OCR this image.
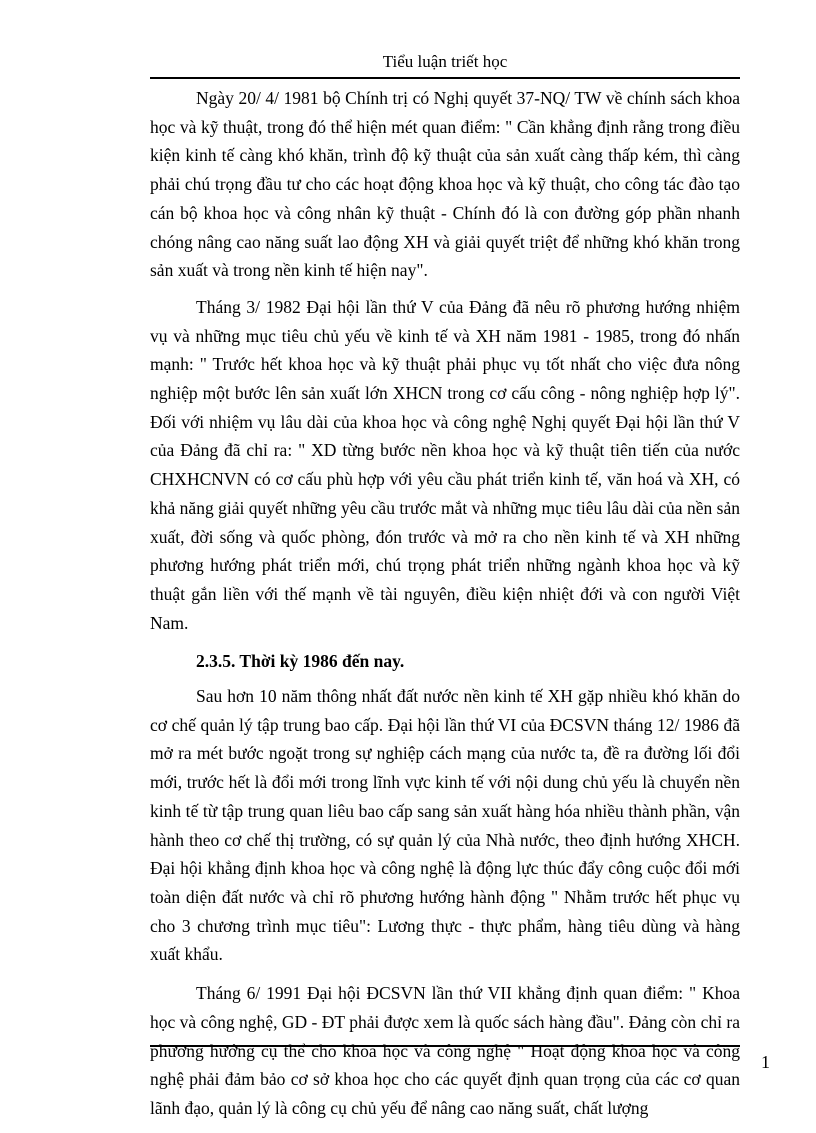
Tiểu luận triết học

Ngày 20/ 4/ 1981 bộ Chính trị có Nghị quyết 37-NQ/ TW về chính sách khoa học và kỹ thuật, trong đó thể hiện mét quan điểm: " Cần khẳng định rằng trong điều kiện kinh tế càng khó khăn, trình độ kỹ thuật của sản xuất càng thấp kém, thì càng phải chú trọng đầu tư cho các hoạt động khoa học và kỹ thuật, cho công tác đào tạo cán bộ khoa học và công nhân kỹ thuật - Chính đó là con đường góp phần nhanh chóng nâng cao năng suất lao động XH và giải quyết triệt để những khó khăn trong sản xuất và trong nền kinh tế hiện nay".

Tháng 3/ 1982 Đại hội lần thứ V của Đảng đã nêu rõ phương hướng nhiệm vụ và những mục tiêu chủ yếu về kinh tế và XH năm 1981 - 1985, trong đó nhấn mạnh: " Trước hết khoa học và kỹ thuật phải phục vụ tốt nhất cho việc đưa nông nghiệp một bước lên sản xuất lớn XHCN trong cơ cấu công - nông nghiệp hợp lý". Đối với nhiệm vụ lâu dài của khoa học và công nghệ Nghị quyết Đại hội lần thứ V của Đảng đã chỉ ra: " XD từng bước nền khoa học và kỹ thuật tiên tiến của nước CHXHCNVN có cơ cấu phù hợp với yêu cầu phát triển kinh tế, văn hoá và XH, có khả năng giải quyết những yêu cầu trước mắt và những mục tiêu lâu dài của nền sản xuất, đời sống và quốc phòng, đón trước và mở ra cho nền kinh tế và XH những phương hướng phát triển mới, chú trọng phát triển những ngành khoa học và kỹ thuật gắn liền với thế mạnh về tài nguyên, điều kiện nhiệt đới và con người Việt Nam.

2.3.5. Thời kỳ 1986 đến nay.

Sau hơn 10 năm thông nhất đất nước nền kinh tế XH gặp nhiều khó khăn do cơ chế quản lý tập trung bao cấp. Đại hội lần thứ VI của ĐCSVN tháng 12/ 1986 đã mở ra mét bước ngoặt trong sự nghiệp cách mạng của nước ta, đề ra đường lối đổi mới, trước hết là đổi mới trong lĩnh vực kinh tế với nội dung chủ yếu là chuyển nền kinh tế từ tập trung quan liêu bao cấp sang sản xuất hàng hóa nhiều thành phần, vận hành theo cơ chế thị trường, có sự quản lý của Nhà nước, theo định hướng XHCH. Đại hội khẳng định khoa học và công nghệ là động lực thúc đẩy công cuộc đổi mới toàn diện đất nước và chỉ rõ phương hướng hành động " Nhằm trước hết phục vụ cho 3 chương trình mục tiêu": Lương thực - thực phẩm, hàng tiêu dùng và hàng xuất khẩu.

Tháng 6/ 1991 Đại hội ĐCSVN lần thứ VII khẳng định quan điểm: " Khoa học và công nghệ, GD - ĐT phải được xem là quốc sách hàng đầu". Đảng còn chỉ ra phương hướng cụ thể cho khoa học và công nghệ " Hoạt động khoa học và công nghệ phải đảm bảo cơ sở khoa học cho các quyết định quan trọng của các cơ quan lãnh đạo, quản lý là công cụ chủ yếu để nâng cao năng suất, chất lượng

1
